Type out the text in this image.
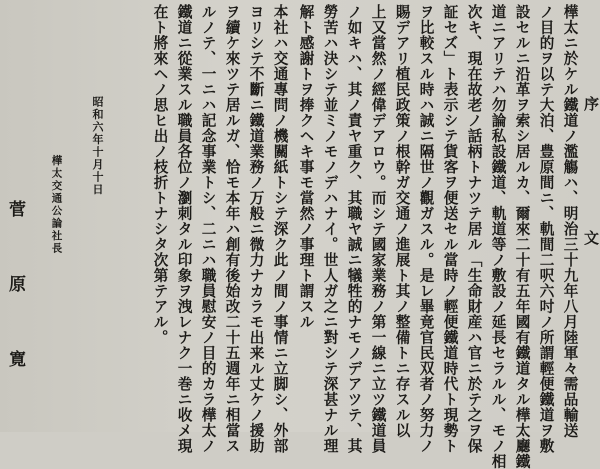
序　文
樺太ニ於ケル鐵道ノ濫觴ハ、明治三十九年八月陸軍々需品輸送
ノ目的ヲ以テ大泊、豊原間ニ、軌間二呎六吋ノ所謂輕便鐵道ヲ敷
設セルニ沿革ヲ索シ居ルカ、爾來二十有五年國有鐵道タル樺太廳鐵
道ニアリテハ勿論私設鐵道、軌道等ノ敷設ノ延長セラルル、モノ相
次キ、現在故老ノ話柄トナツテ居ル「生命財産ハ官ニ於テ之ヲ保
証セズ」ト表示シテ貨客ヲ便送セル當時ノ輕便鐵道時代ト現勢ト
ヲ比較スル時ハ誠ニ隔世ノ觀ガスル。是レ畢竟官民双者ノ努力ノ
賜デアリ植民政策ノ根幹ガ交通ノ進展ト其ノ整備トニ存スル以
上又當然ノ經偉デアロウ。而シテ國家業務ノ第一線ニ立ツ鐵道員
ノ如キハ、其ノ責ヤ重ク、其職ヤ誠ニ犠牲的ナモノデアツテ、其
勞苦ハ決シテ並ミノモノデハナイ。世人ガ之ニ對シテ深甚ナル理
解ト感謝トヲ捧クヘキ事モ當然ノ事理ト謂スル
本社ハ交通專問ノ機關紙トシテ深ク此ノ間ノ事情ニ立脚シ、外部
ヨリシテ不斷ニ鐵道業務ノ万般ニ微力ナカラモ出来ル丈ケノ援助
ヲ續ケ來ツテ居ルガ、恰モ本年ハ創有後始改二十五週年ニ相當ス
ルノテ、一ニハ記念事業トシ、二ニハ職員慰安ノ目的カラ樺太ノ
鐵道ニ從業スル職員各位ノ瀏刺タル印象ヲ洩レナク一巻ニ收メ現
在ト將來ヘノ思ヒ出ノ枝折トナシタ次第テアル。
昭和六年十月十日
樺太交通公論社長
菅原寛
